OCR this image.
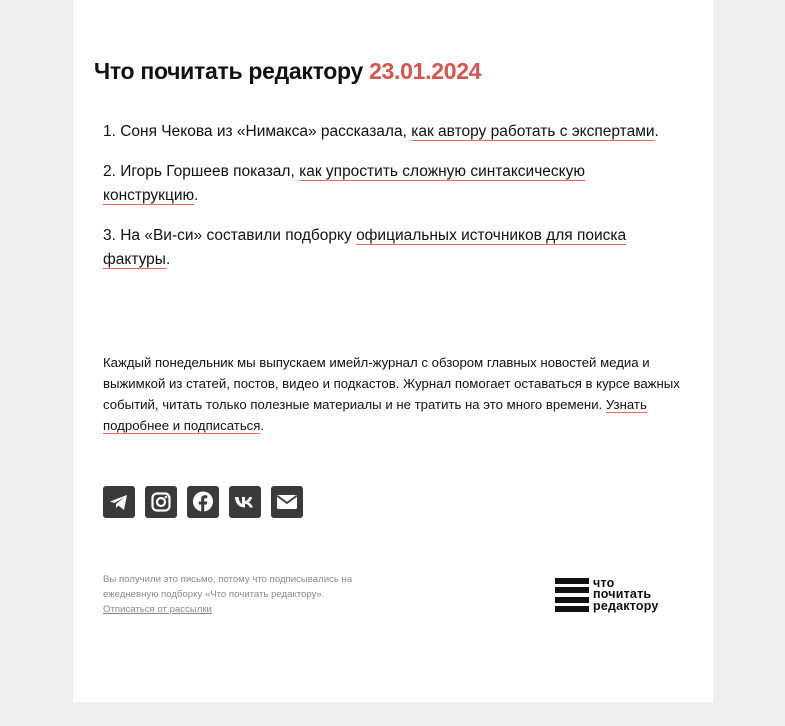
Что почитать редактору 23.01.2024

1. Соня Чекова из «Нимакса» рассказала, как автору работать с экспертами.

2. Игорь Горшеев показал, как упростить сложную синтаксическую конструкцию.

3. На «Ви-си» составили подборку официальных источников для поиска фактуры.

Каждый понедельник мы выпускаем имейл-журнал с обзором главных новостей медиа и выжимкой из статей, постов, видео и подкастов. Журнал помогает оставаться в курсе важных событий, читать только полезные материалы и не тратить на это много времени. Узнать подробнее и подписаться.
Вы получили это письмо, потому что подписывались на ежедневную подборку «Что почитать редактору».
Отписаться от рассылки
что
почитать
редактору
